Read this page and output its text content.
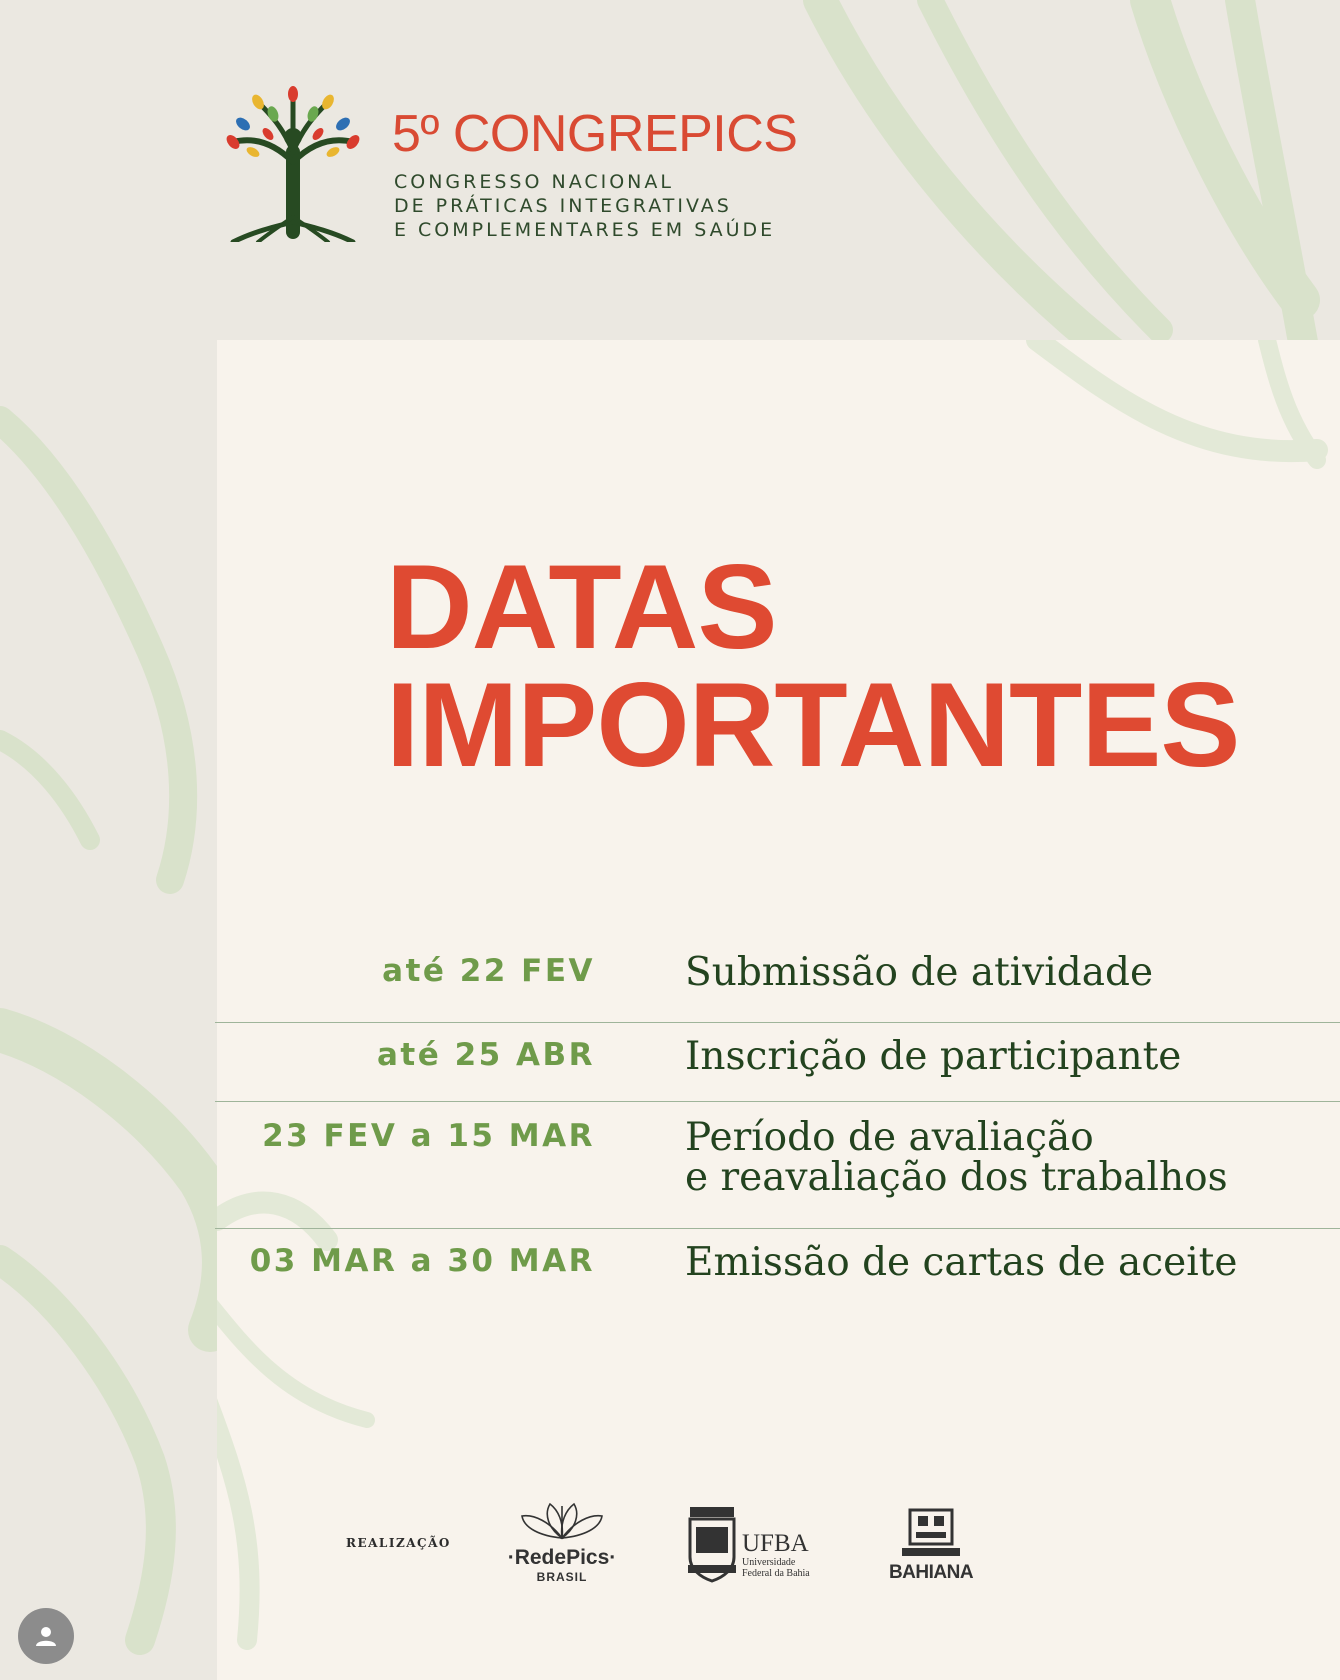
5º CONGREPICS
CONGRESSO NACIONAL
DE PRÁTICAS INTEGRATIVAS
E COMPLEMENTARES EM SAÚDE
DATAS
IMPORTANTES
até 22 FEV Submissão de atividade
até 25 ABR Inscrição de participante
23 FEV a 15 MAR Período de avaliação
e reavaliação dos trabalhos
03 MAR a 30 MAR Emissão de cartas de aceite
REALIZAÇÃO
·RedePics·
BRASIL
UFBA
Universidade
Federal da Bahia	BAHIANA
